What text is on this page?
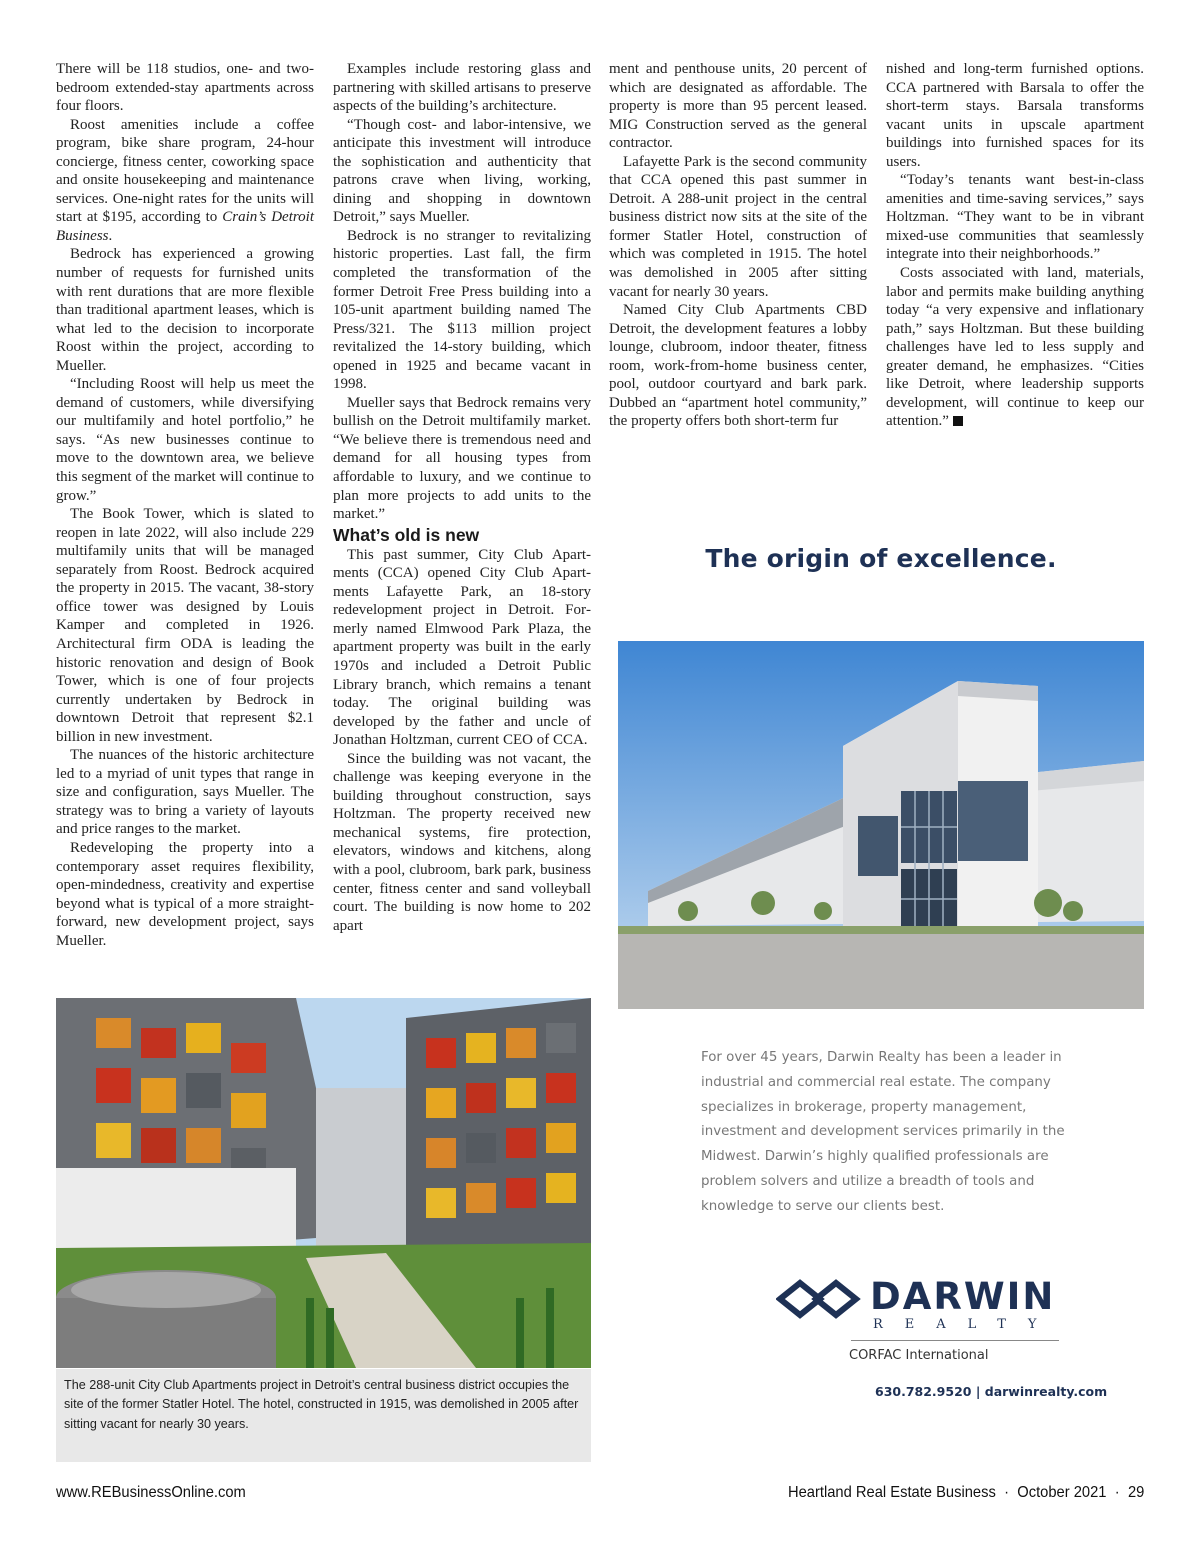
There will be 118 studios, one- and two-bedroom extended-stay apartments across four floors.

Roost amenities include a coffee program, bike share program, 24-hour concierge, fitness center, coworking space and onsite housekeeping and maintenance services. One-night rates for the units will start at $195, according to Crain’s Detroit Business.

Bedrock has experienced a growing number of requests for furnished units with rent durations that are more flexible than traditional apartment leases, which is what led to the decision to incorporate Roost within the project, according to Mueller.

“Including Roost will help us meet the demand of customers, while diversifying our multifamily and hotel portfolio,” he says. “As new businesses continue to move to the downtown area, we believe this segment of the market will continue to grow.”

The Book Tower, which is slated to reopen in late 2022, will also include 229 multifamily units that will be managed separately from Roost. Bedrock acquired the property in 2015. The vacant, 38-story office tower was designed by Louis Kamper and completed in 1926. Architectural firm ODA is leading the historic renovation and design of Book Tower, which is one of four projects currently undertaken by Bedrock in downtown Detroit that represent $2.1 billion in new investment.

The nuances of the historic architecture led to a myriad of unit types that range in size and configuration, says Mueller. The strategy was to bring a variety of layouts and price ranges to the market.

Redeveloping the property into a contemporary asset requires flexibility, open-mindedness, creativity and expertise beyond what is typical of a more straight-forward, new development project, says Mueller.

Examples include restoring glass and partnering with skilled artisans to preserve aspects of the building’s architecture.

“Though cost- and labor-intensive, we anticipate this investment will introduce the sophistication and authenticity that patrons crave when living, working, dining and shopping in downtown Detroit,” says Mueller.

Bedrock is no stranger to revitalizing historic properties. Last fall, the firm completed the transformation of the former Detroit Free Press building into a 105-unit apartment building named The Press/321. The $113 million project revitalized the 14-story building, which opened in 1925 and became vacant in 1998.

Mueller says that Bedrock remains very bullish on the Detroit multifamily market. “We believe there is tremendous need and demand for all housing types from affordable to luxury, and we continue to plan more projects to add units to the market.”

What’s old is new

This past summer, City Club Apartments (CCA) opened City Club Apartments Lafayette Park, an 18-story redevelopment project in Detroit. Formerly named Elmwood Park Plaza, the apartment property was built in the early 1970s and included a Detroit Public Library branch, which remains a tenant today. The original building was developed by the father and uncle of Jonathan Holtzman, current CEO of CCA.

Since the building was not vacant, the challenge was keeping everyone in the building throughout construction, says Holtzman. The property received new mechanical systems, fire protection, elevators, windows and kitchens, along with a pool, clubroom, bark park, business center, fitness center and sand volleyball court. The building is now home to 202 apart

ment and penthouse units, 20 percent of which are designated as affordable. The property is more than 95 percent leased. MIG Construction served as the general contractor.

Lafayette Park is the second community that CCA opened this past summer in Detroit. A 288-unit project in the central business district now sits at the site of the former Statler Hotel, construction of which was completed in 1915. The hotel was demolished in 2005 after sitting vacant for nearly 30 years.

Named City Club Apartments CBD Detroit, the development features a lobby lounge, clubroom, indoor theater, fitness room, work-from-home business center, pool, outdoor courtyard and bark park. Dubbed an “apartment hotel community,” the property offers both short-term fur

nished and long-term furnished options. CCA partnered with Barsala to offer the short-term stays. Barsala transforms vacant units in upscale apartment buildings into furnished spaces for its users.

“Today’s tenants want best-in-class amenities and time-saving services,” says Holtzman. “They want to be in vibrant mixed-use communities that seamlessly integrate into their neighborhoods.”

Costs associated with land, materials, labor and permits make building anything today “a very expensive and inflationary path,” says Holtzman. But these building challenges have led to less supply and greater demand, he emphasizes. “Cities like Detroit, where leadership supports development, will continue to keep our attention.”

The origin of excellence.

For over 45 years, Darwin Realty has been a leader in industrial and commercial real estate. The company specializes in brokerage, property management, investment and development services primarily in the Midwest. Darwin’s highly qualified professionals are problem solvers and utilize a breadth of tools and knowledge to serve our clients best.

DARWIN
REALTY
CORFAC International
630.782.9520 | darwinrealty.com
The 288-unit City Club Apartments project in Detroit’s central business district occupies the site of the former Statler Hotel. The hotel, constructed in 1915, was demolished in 2005 after sitting vacant for nearly 30 years.
www.REBusinessOnline.com	Heartland Real Estate Business · October 2021 · 29
